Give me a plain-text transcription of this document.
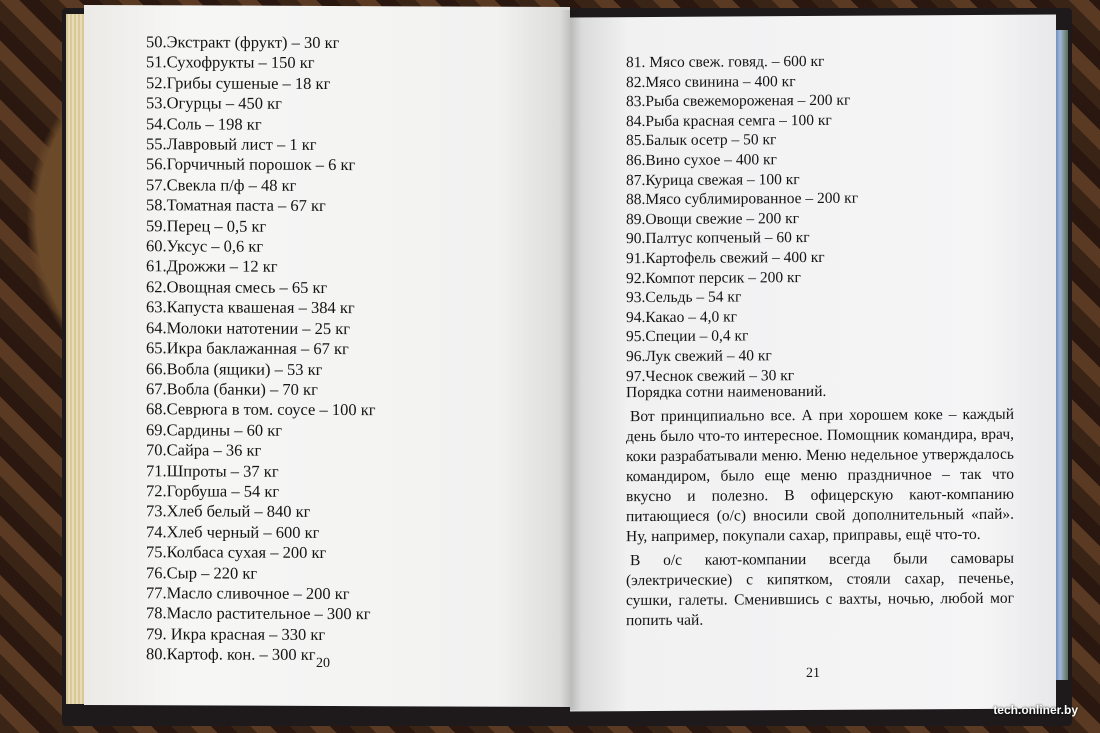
50.Экстракт (фрукт) – 30 кг
51.Сухофрукты – 150 кг
52.Грибы сушеные – 18 кг
53.Огурцы – 450 кг
54.Соль – 198 кг
55.Лавровый лист – 1 кг
56.Горчичный порошок – 6 кг
57.Свекла п/ф – 48 кг
58.Томатная паста – 67 кг
59.Перец – 0,5 кг
60.Уксус – 0,6 кг
61.Дрожжи – 12 кг
62.Овощная смесь – 65 кг
63.Капуста квашеная – 384 кг
64.Молоки натотении – 25 кг
65.Икра баклажанная – 67 кг
66.Вобла (ящики) – 53 кг
67.Вобла (банки) – 70 кг
68.Севрюга в том. соусе – 100 кг
69.Сардины – 60 кг
70.Сайра – 36 кг
71.Шпроты – 37 кг
72.Горбуша – 54 кг
73.Хлеб белый – 840 кг
74.Хлеб черный – 600 кг
75.Колбаса сухая – 200 кг
76.Сыр – 220 кг
77.Масло сливочное – 200 кг
78.Масло растительное – 300 кг
79. Икра красная – 330 кг
80.Картоф. кон. – 300 кг 20
81. Мясо свеж. говяд. – 600 кг
82.Мясо свинина – 400 кг
83.Рыба свежемороженая – 200 кг
84.Рыба красная семга – 100 кг
85.Балык осетр – 50 кг
86.Вино сухое – 400 кг
87.Курица свежая – 100 кг
88.Мясо сублимированное – 200 кг
89.Овощи свежие – 200 кг
90.Палтус копченый – 60 кг
91.Картофель свежий – 400 кг
92.Компот персик – 200 кг
93.Сельдь – 54 кг
94.Какао – 4,0 кг
95.Специи – 0,4 кг
96.Лук свежий – 40 кг
97.Чеснок свежий – 30 кг

Порядка сотни наименований.

Вот принципиально все. А при хорошем коке – каждый день было что-то интересное. Помощник командира, врач, коки разрабатывали меню. Меню недельное утверждалось командиром, было еще меню праздничное – так что вкусно и полезно. В офицерскую кают-компанию питающиеся (о/с) вносили свой дополнительный «пай». Ну, например, покупали сахар, приправы, ещё что-то.

В о/с кают-компании всегда были самовары (электрические) с кипятком, стояли сахар, печенье, сушки, галеты. Сменившись с вахты, ночью, любой мог попить чай.

21
tech.onliner.by
